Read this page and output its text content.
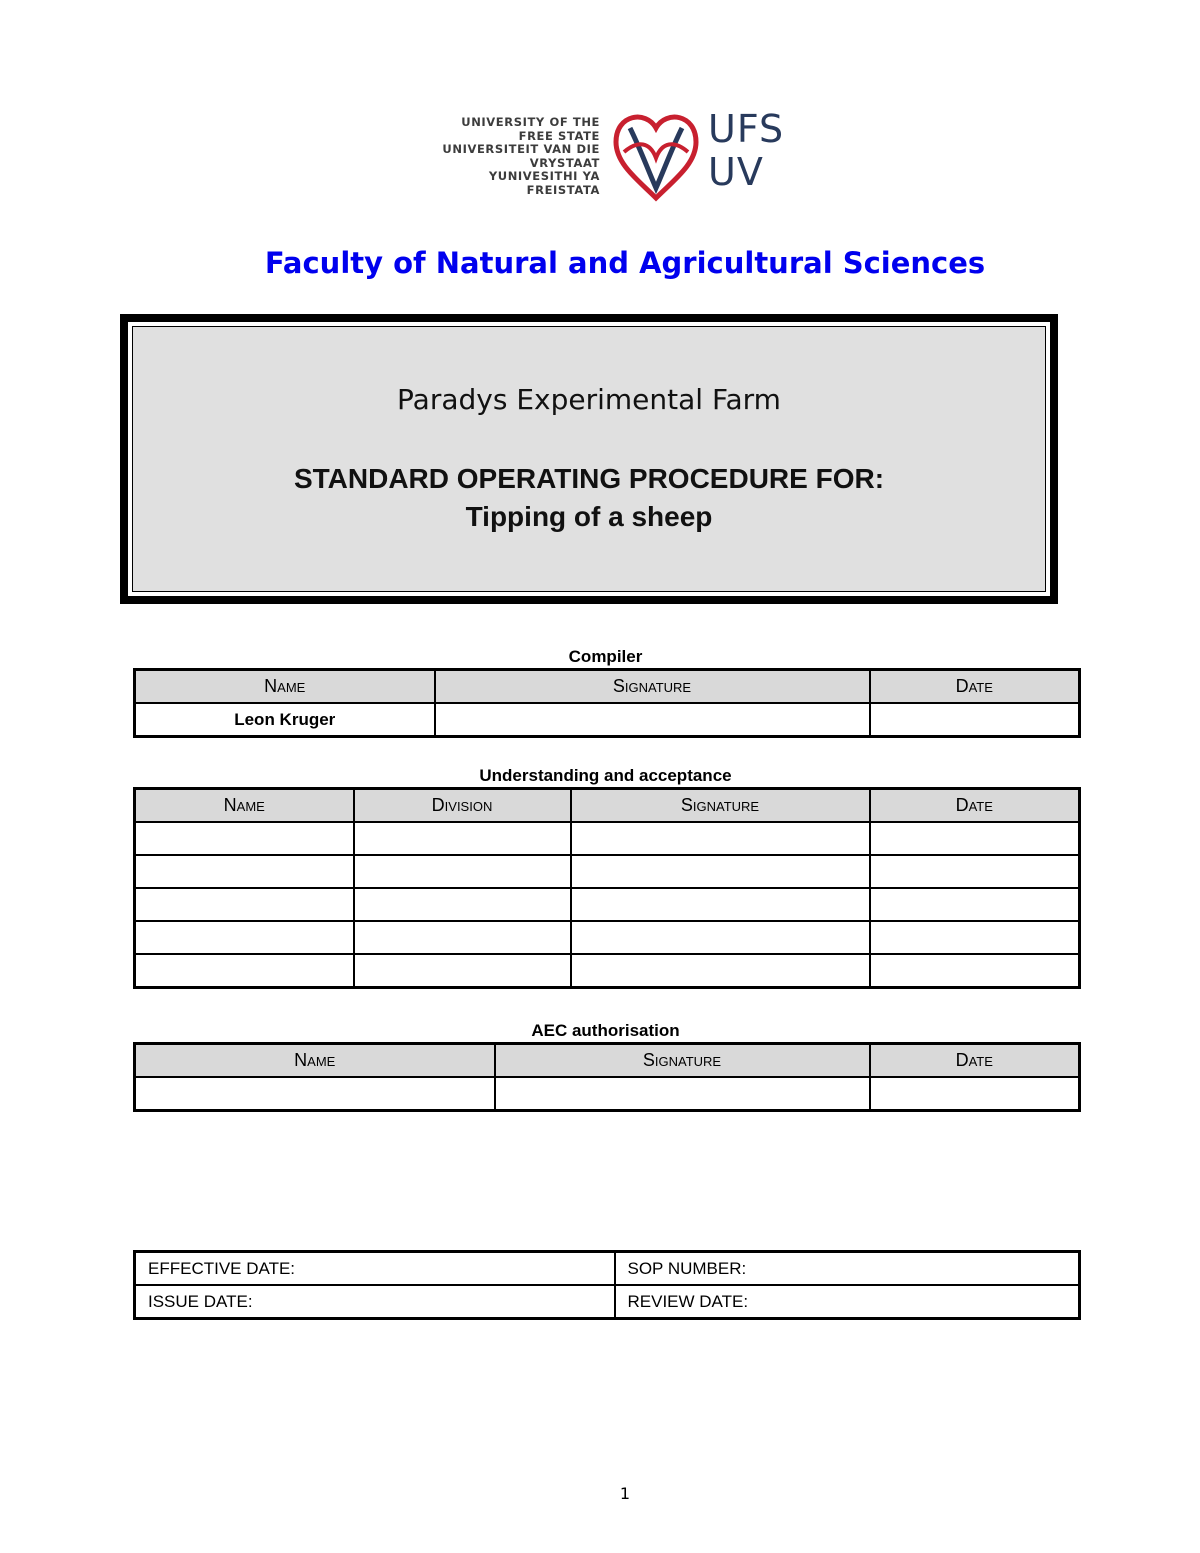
UNIVERSITY OF THE
FREE STATE
UNIVERSITEIT VAN DIE
VRYSTAAT
YUNIVESITHI YA
FREISTATA
UFS
UV
Faculty of Natural and Agricultural Sciences
Paradys Experimental Farm
STANDARD OPERATING PROCEDURE FOR:
Tipping of a sheep
Compiler
Name	Signature	Date
Leon Kruger		
Understanding and acceptance
Name	Division	Signature	Date

AEC authorisation
Name	Signature	Date

EFFECTIVE DATE:	SOP NUMBER:
ISSUE DATE:	REVIEW DATE:
1
